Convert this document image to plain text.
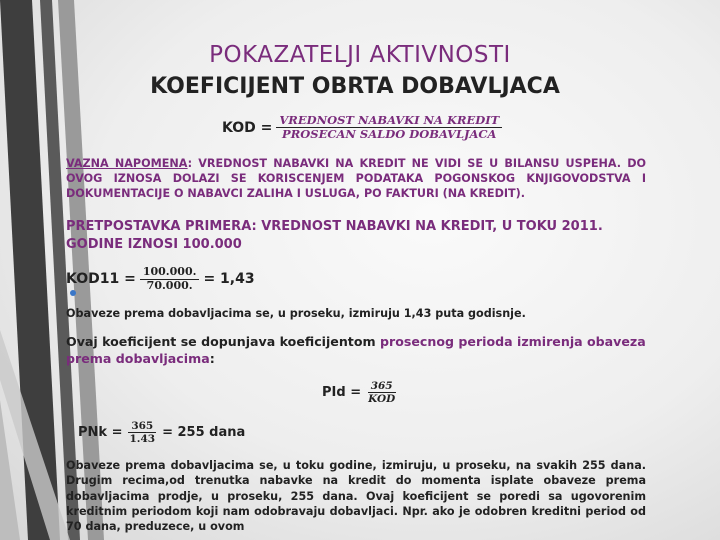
POKAZATELJI AKTIVNOSTI
KOEFICIJENT OBRTA DOBAVLJACA
KOD = $\frac{\text{VREDNOST NABAVKI NA KREDIT}}{\text{PROSECAN SALDO DOBAVLJACA}}$
VAZNA NAPOMENA: VREDNOST NABAVKI NA KREDIT NE VIDI SE U BILANSU USPEHA. DO OVOG IZNOSA DOLAZI SE KORISCENJEM PODATAKA POGONSKOG KNJIGOVODSTVA I DOKUMENTACIJE O NABAVCI ZALIHA I USLUGA, PO FAKTURI (NA KREDIT).
PRETPOSTAVKA PRIMERA: VREDNOST NABAVKI NA KREDIT, U TOKU 2011. GODINE IZNOSI 100.000
$KOD11 = \frac{100.000.}{70.000.} = 1,43$
Obaveze prema dobavljacima se, u proseku, izmiruju 1,43 puta godisnje.
Ovaj koeficijent se dopunjava koeficijentom prosecnog perioda izmirenja obaveza prema dobavljacima:
PId = $\frac{365}{\text{KOD}}$
PNk = $\frac{365}{1.43} = 255$ dana
Obaveze prema dobavljacima se, u toku godine, izmiruju, u proseku, na svakih 255 dana. Drugim recima,od trenutka nabavke na kredit do momenta isplate obaveze prema dobavljacima prodje, u proseku, 255 dana. Ovaj koeficijent se poredi sa ugovorenim kreditnim periodom koji nam odobravaju dobavljaci. Npr. ako je odobren kreditni period od 70 dana, preduzece, u ovom
